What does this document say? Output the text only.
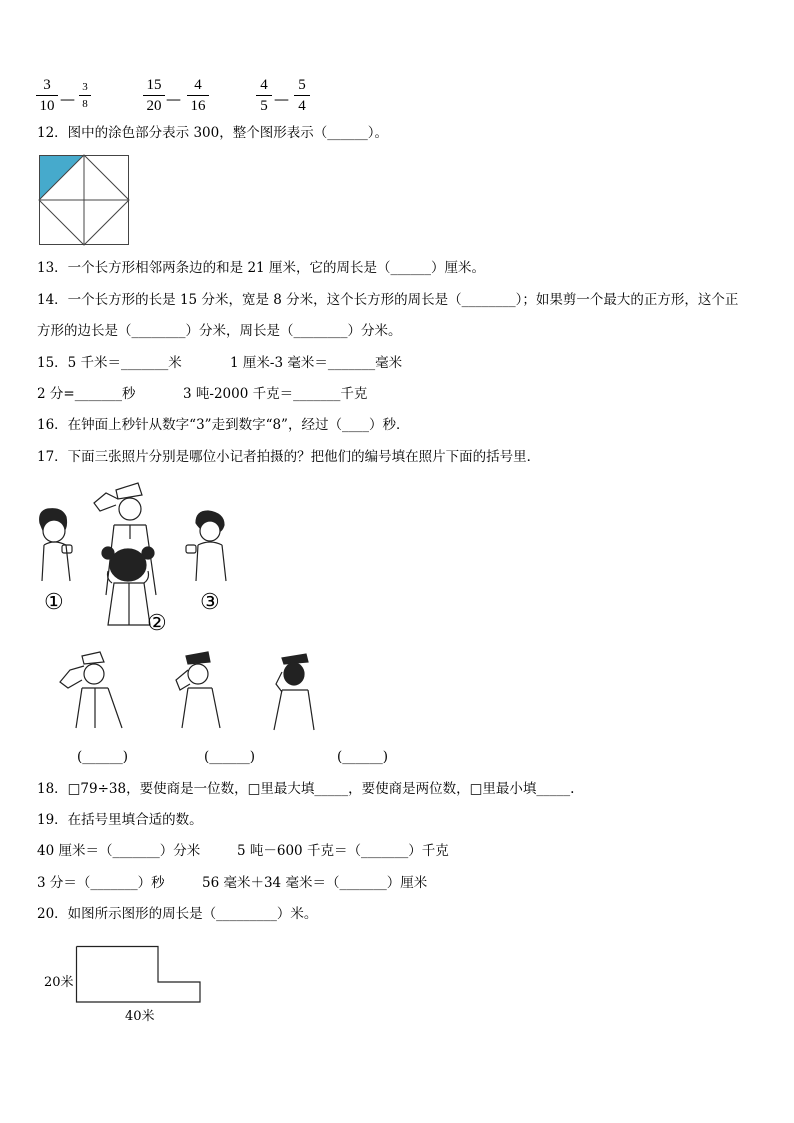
3
10 —
3
8
15
20 —
4
16
4
5 —
5
4
12．图中的涂色部分表示 300，整个图形表示（______）。
13．一个长方形相邻两条边的和是 21 厘米，它的周长是（______）厘米。
14．一个长方形的长是 15 分米，宽是 8 分米，这个长方形的周长是（________）；如果剪一个最大的正方形，这个正
方形的边长是（________）分米，周长是（________）分米。
15．5 千米＝_______米	1 厘米-3 毫米＝_______毫米
2 分=_______秒	3 吨-2000 千克＝_______千克
16．在钟面上秒针从数字“3”走到数字“8”，经过（____）秒．
17．下面三张照片分别是哪位小记者拍摄的？把他们的编号填在照片下面的括号里．
①
②
③
(______)	(______)	(______)
18．□79÷38，要使商是一位数，□里最大填_____，要使商是两位数，□里最小填_____.
19．在括号里填合适的数。
40 厘米＝（_______）分米	5 吨－600 千克＝（_______）千克
3 分＝（_______）秒	56 毫米＋34 毫米＝（_______）厘米
20．如图所示图形的周长是（_________）米。
20米
40米
